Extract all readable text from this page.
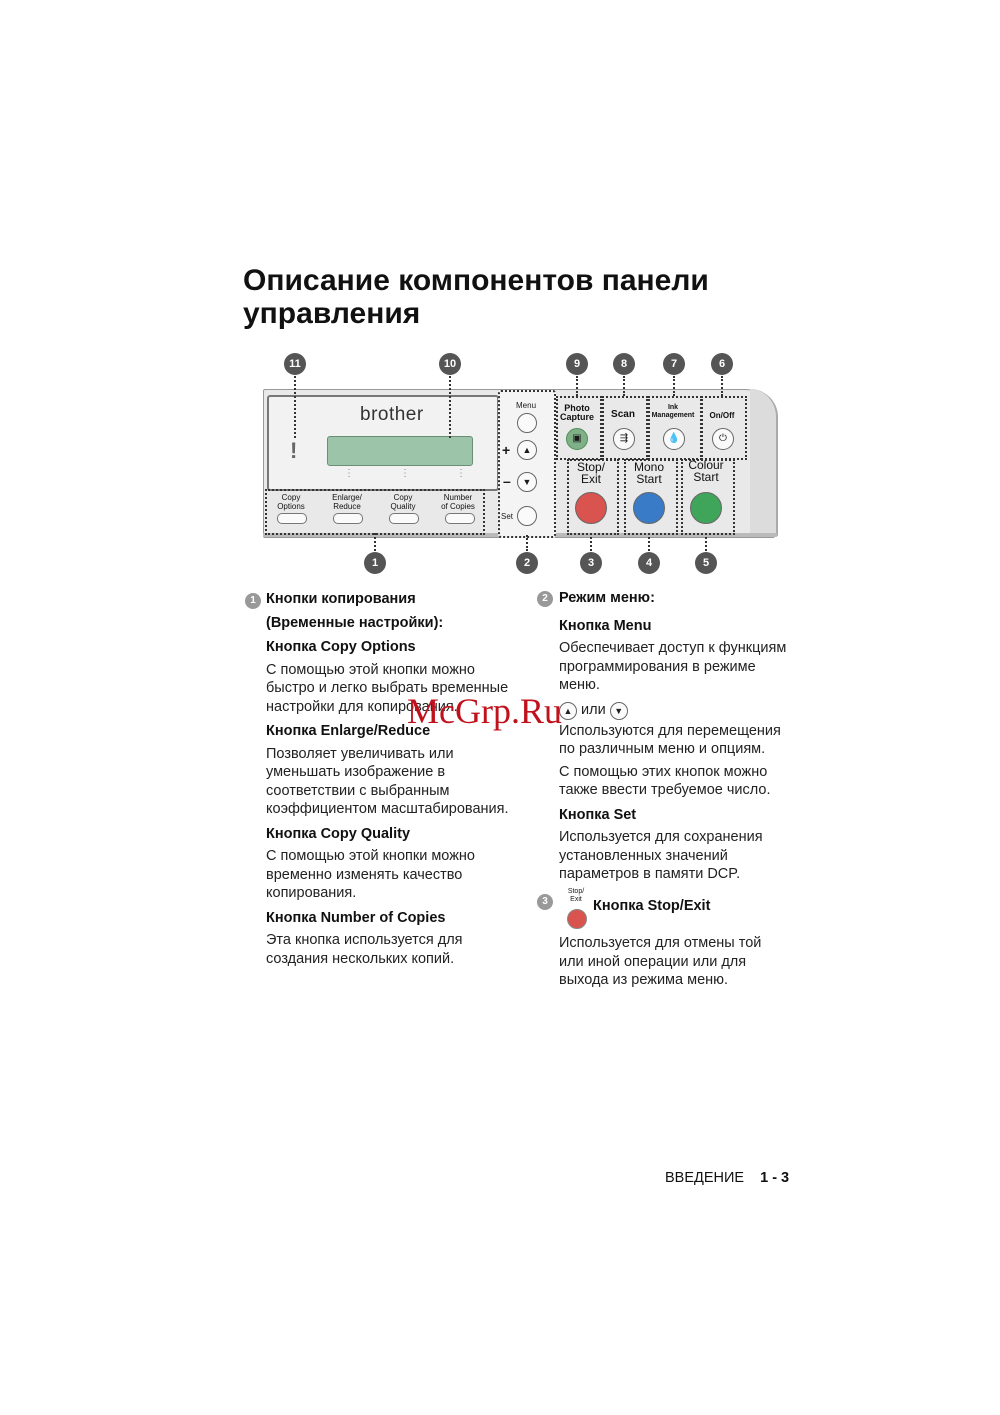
Описание компонентов панели
управления
brother
!
⋮	⋮	⋮
Copy
Options
Enlarge/
Reduce
Copy
Quality
Number
of Copies
Menu
+	▲
–	▼
Set
Photo
Capture
▣
Scan
⇶
Ink
Management
💧
On/Off
⏻
Stop/
Exit
Mono
Start
Colour
Start
11	10	9	8	7	6
1	2	3	4	5
1 Кнопки копирования

(Временные настройки):

Кнопка Copy Options

С помощью этой кнопки можно быстро и легко выбрать временные настройки для копирования.

Кнопка Enlarge/Reduce

Позволяет увеличивать или уменьшать изображение в соответствии с выбранным коэффициентом масштабирования.

Кнопка Copy Quality

С помощью этой кнопки можно временно изменять качество копирования.

Кнопка Number of Copies

Эта кнопка используется для создания нескольких копий.

2 Режим меню:

Кнопка Menu

Обеспечивает доступ к функциям программирования в режиме меню.

▲ или ▼

Используются для перемещения по различным меню и опциям.

С помощью этих кнопок можно также ввести требуемое число.

Кнопка Set

Используется для сохранения установленных значений параметров в памяти DCP.

3
Stop/
Exit Кнопка Stop/Exit
Используется для отмены той или иной операции или для выхода из режима меню.
McGrp.Ru
ВВЕДЕНИЕ 1 - 3
